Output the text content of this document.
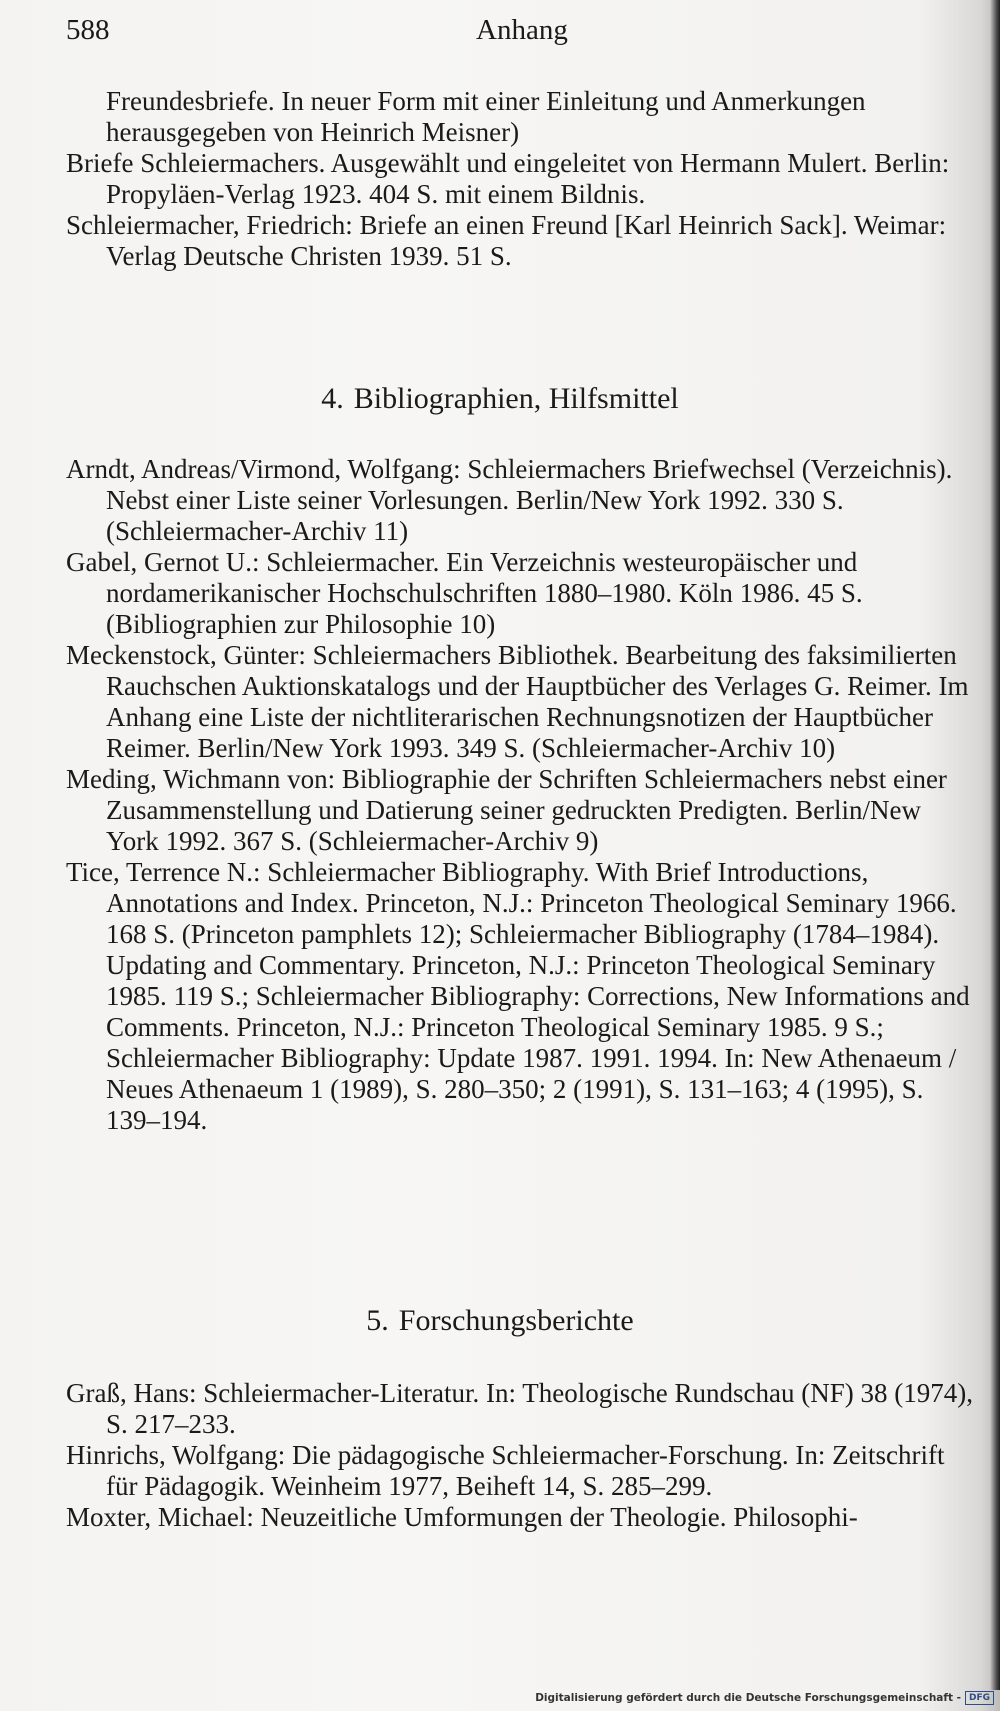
588	Anhang

Freundesbriefe. In neuer Form mit einer Einleitung und Anmerkungen herausgegeben von Heinrich Meisner)

Briefe Schleiermachers. Ausgewählt und eingeleitet von Hermann Mulert. Berlin: Propyläen-Verlag 1923. 404 S. mit einem Bildnis.

Schleiermacher, Friedrich: Briefe an einen Freund [Karl Heinrich Sack]. Weimar: Verlag Deutsche Christen 1939. 51 S.

4. Bibliographien, Hilfsmittel

Arndt, Andreas/Virmond, Wolfgang: Schleiermachers Briefwechsel (Verzeichnis). Nebst einer Liste seiner Vorlesungen. Berlin/New York 1992. 330 S. (Schleiermacher-Archiv 11)

Gabel, Gernot U.: Schleiermacher. Ein Verzeichnis westeuropäischer und nordamerikanischer Hochschulschriften 1880–1980. Köln 1986. 45 S. (Bibliographien zur Philosophie 10)

Meckenstock, Günter: Schleiermachers Bibliothek. Bearbeitung des faksimilierten Rauchschen Auktionskatalogs und der Hauptbücher des Verlages G. Reimer. Im Anhang eine Liste der nichtliterarischen Rechnungsnotizen der Hauptbücher Reimer. Berlin/New York 1993. 349 S. (Schleiermacher-Archiv 10)

Meding, Wichmann von: Bibliographie der Schriften Schleiermachers nebst einer Zusammenstellung und Datierung seiner gedruckten Predigten. Berlin/New York 1992. 367 S. (Schleiermacher-Archiv 9)

Tice, Terrence N.: Schleiermacher Bibliography. With Brief Introductions, Annotations and Index. Princeton, N.J.: Princeton Theological Seminary 1966. 168 S. (Princeton pamphlets 12); Schleiermacher Bibliography (1784–1984). Updating and Commentary. Princeton, N.J.: Princeton Theological Seminary 1985. 119 S.; Schleiermacher Bibliography: Corrections, New Informations and Comments. Princeton, N.J.: Princeton Theological Seminary 1985. 9 S.; Schleiermacher Bibliography: Update 1987. 1991. 1994. In: New Athenaeum / Neues Athenaeum 1 (1989), S. 280–350; 2 (1991), S. 131–163; 4 (1995), S. 139–194.

5. Forschungsberichte

Graß, Hans: Schleiermacher-Literatur. In: Theologische Rundschau (NF) 38 (1974), S. 217–233.

Hinrichs, Wolfgang: Die pädagogische Schleiermacher-Forschung. In: Zeitschrift für Pädagogik. Weinheim 1977, Beiheft 14, S. 285–299.

Moxter, Michael: Neuzeitliche Umformungen der Theologie. Philosophi-

Digitalisierung gefördert durch die Deutsche Forschungsgemeinschaft - DFG
